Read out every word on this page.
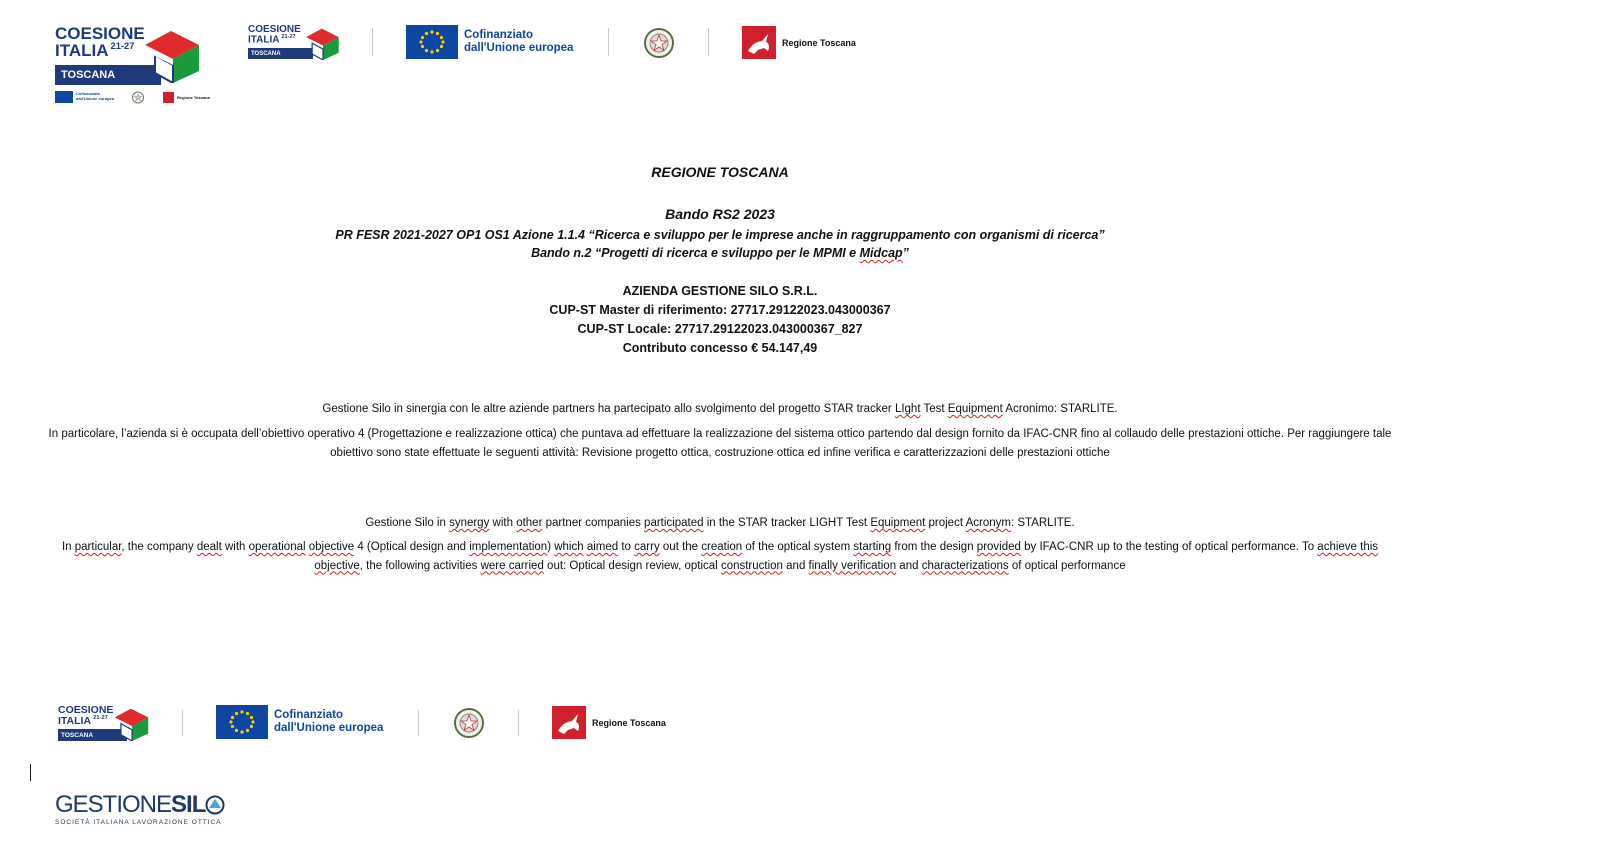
COESIONE
ITALIA $^{21-27}$
TOSCANA
Cofinanziato
dall'Unione europea	Regione Toscana
COESIONE
ITALIA $^{21-27}$
TOSCANA
Cofinanziato
dall'Unione europea	Regione Toscana
REGIONE TOSCANA
Bando RS2 2023
PR FESR 2021-2027 OP1 OS1 Azione 1.1.4 “Ricerca e sviluppo per le imprese anche in raggruppamento con organismi di ricerca”
Bando n.2 “Progetti di ricerca e sviluppo per le MPMI e Midcap”
AZIENDA GESTIONE SILO S.R.L.
CUP-ST Master di riferimento: 27717.29122023.043000367
CUP-ST Locale: 27717.29122023.043000367_827
Contributo concesso € 54.147,49
Gestione Silo in sinergia con le altre aziende partners ha partecipato allo svolgimento del progetto STAR tracker LIght Test Equipment Acronimo: STARLITE.
In particolare, l’azienda si è occupata dell’obiettivo operativo 4 (Progettazione e realizzazione ottica) che puntava ad effettuare la realizzazione del sistema ottico partendo dal design fornito da IFAC-CNR fino al collaudo delle prestazioni ottiche. Per raggiungere tale obiettivo sono state effettuate le seguenti attività: Revisione progetto ottica, costruzione ottica ed infine verifica e caratterizzazioni delle prestazioni ottiche
Gestione Silo in synergy with other partner companies participated in the STAR tracker LIGHT Test Equipment project Acronym: STARLITE.
In particular, the company dealt with operational objective 4 (Optical design and implementation) which aimed to carry out the creation of the optical system starting from the design provided by IFAC-CNR up to the testing of optical performance. To achieve this objective, the following activities were carried out: Optical design review, optical construction and finally verification and characterizations of optical performance
COESIONE
ITALIA $^{21-27}$
TOSCANA
Cofinanziato
dall'Unione europea	Regione Toscana
GESTIONESIL
SOCIETÀ ITALIANA LAVORAZIONE OTTICA
